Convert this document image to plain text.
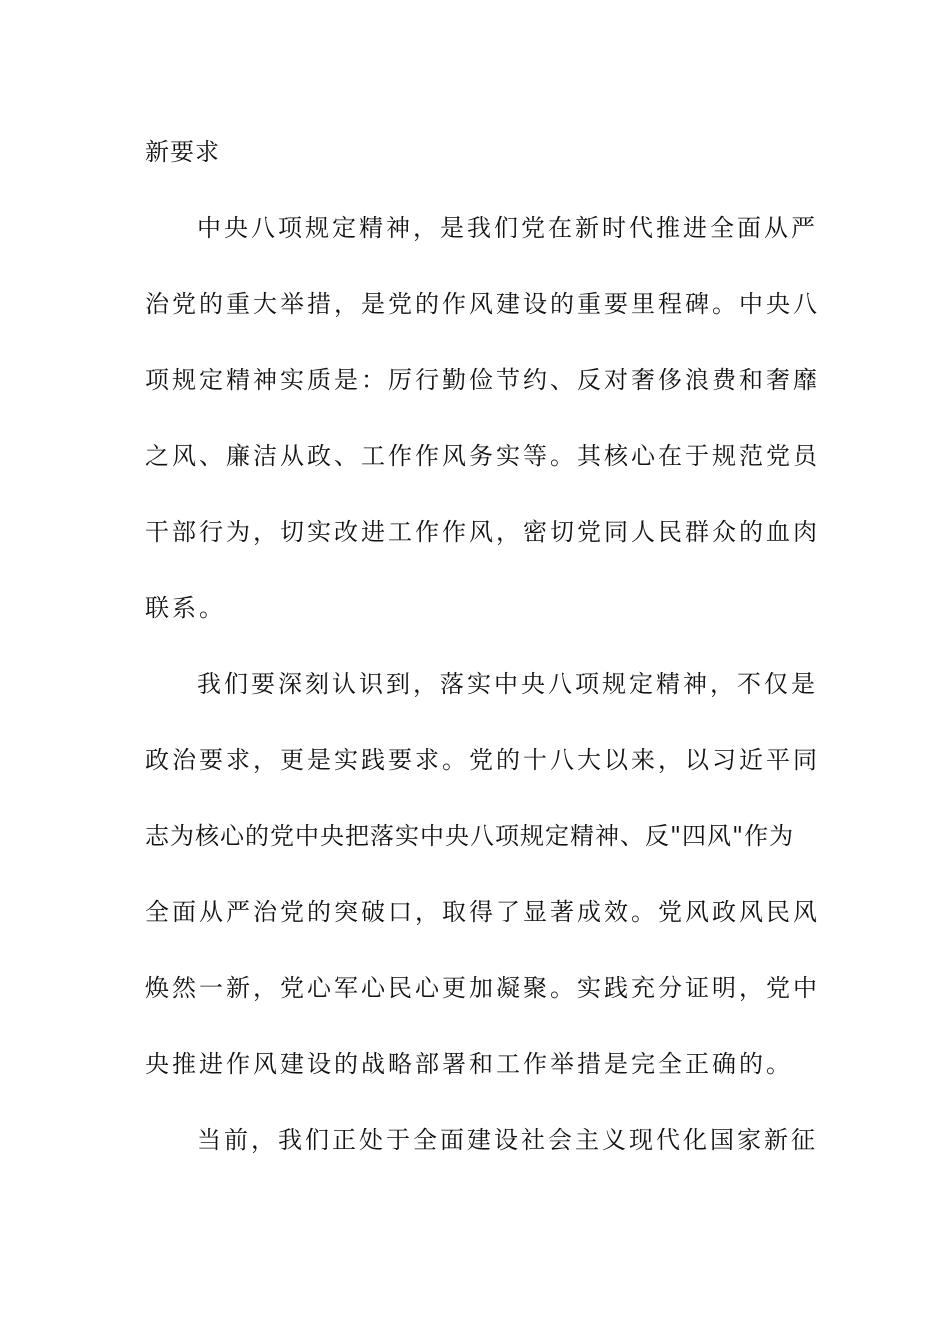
新要求
中央八项规定精神，是我们党在新时代推进全面从严
治党的重大举措，是党的作风建设的重要里程碑。中央八
项规定精神实质是：厉行勤俭节约、反对奢侈浪费和奢靡
之风、廉洁从政、工作作风务实等。其核心在于规范党员
干部行为，切实改进工作作风，密切党同人民群众的血肉
联系。
我们要深刻认识到，落实中央八项规定精神，不仅是
政治要求，更是实践要求。党的十八大以来，以习近平同
志为核心的党中央把落实中央八项规定精神、反"四风"作为
全面从严治党的突破口，取得了显著成效。党风政风民风
焕然一新，党心军心民心更加凝聚。实践充分证明，党中
央推进作风建设的战略部署和工作举措是完全正确的。
当前，我们正处于全面建设社会主义现代化国家新征
